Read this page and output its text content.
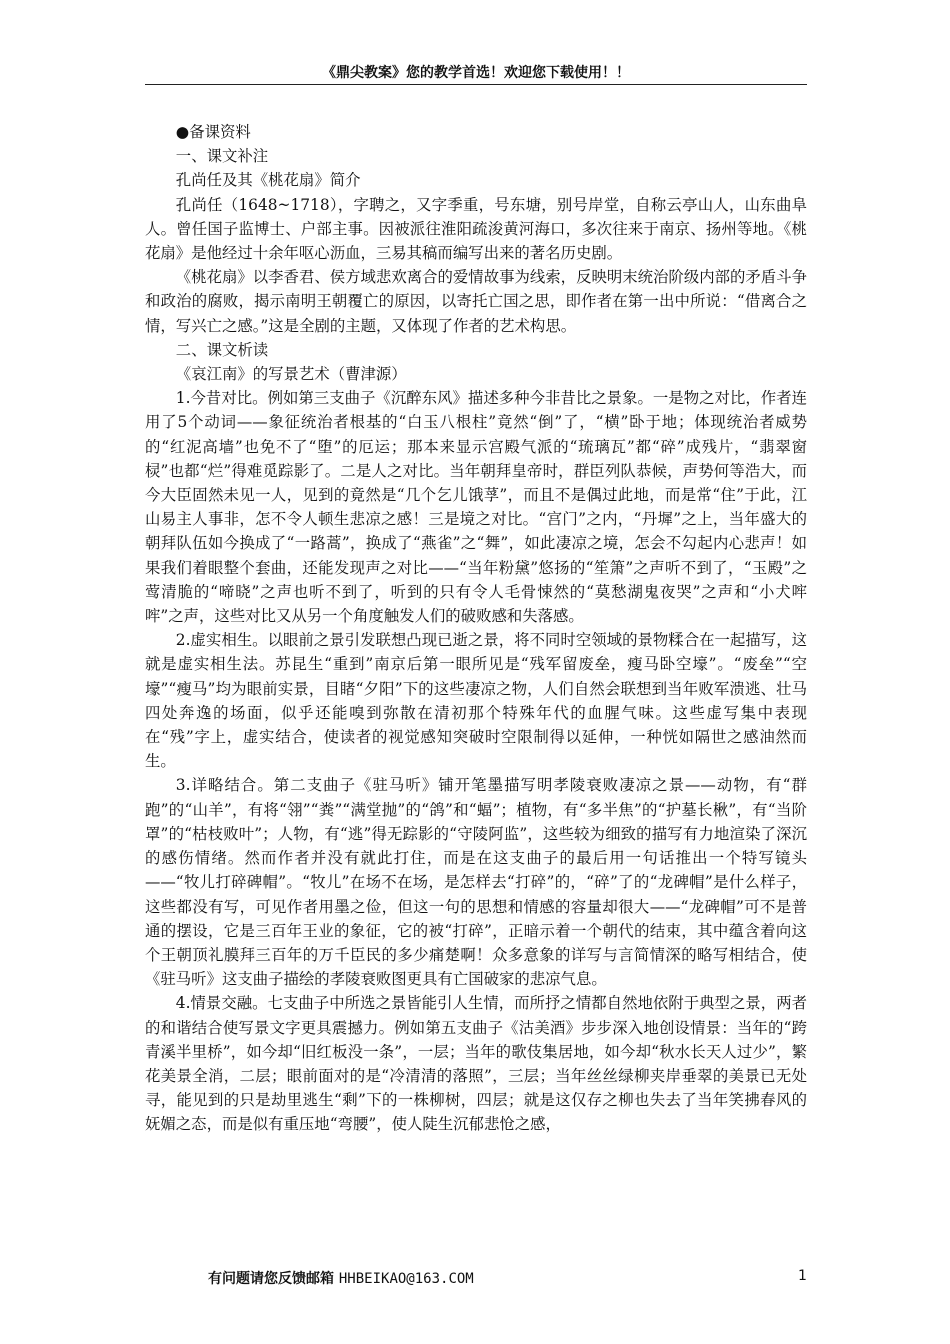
《鼎尖教案》您的教学首选！欢迎您下载使用！！

●备课资料

一、课文补注

孔尚任及其《桃花扇》简介

孔尚任（1648~1718），字聘之，又字季重，号东塘，别号岸堂，自称云亭山人，山东曲阜人。曾任国子监博士、户部主事。因被派往淮阳疏浚黄河海口，多次往来于南京、扬州等地。《桃花扇》是他经过十余年呕心沥血，三易其稿而编写出来的著名历史剧。

《桃花扇》以李香君、侯方域悲欢离合的爱情故事为线索，反映明末统治阶级内部的矛盾斗争和政治的腐败，揭示南明王朝覆亡的原因，以寄托亡国之思，即作者在第一出中所说：“借离合之情，写兴亡之感。”这是全剧的主题，又体现了作者的艺术构思。

二、课文析读

《哀江南》的写景艺术（曹津源）

1.今昔对比。例如第三支曲子《沉醉东风》描述多种今非昔比之景象。一是物之对比，作者连用了5个动词——象征统治者根基的“白玉八根柱”竟然“倒”了，“横”卧于地；体现统治者威势的“红泥高墙”也免不了“堕”的厄运；那本来显示宫殿气派的“琉璃瓦”都“碎”成残片，“翡翠窗棂”也都“烂”得难觅踪影了。二是人之对比。当年朝拜皇帝时，群臣列队恭候，声势何等浩大，而今大臣固然未见一人，见到的竟然是“几个乞儿饿莩”，而且不是偶过此地，而是常“住”于此，江山易主人事非，怎不令人顿生悲凉之感！三是境之对比。“宫门”之内，“丹墀”之上，当年盛大的朝拜队伍如今换成了“一路蒿”，换成了“燕雀”之“舞”，如此凄凉之境，怎会不勾起内心悲声！如果我们着眼整个套曲，还能发现声之对比——“当年粉黛”悠扬的“笙箫”之声听不到了，“玉殿”之莺清脆的“啼晓”之声也听不到了，听到的只有令人毛骨悚然的“莫愁湖鬼夜哭”之声和“小犬哰哰”之声，这些对比又从另一个角度触发人们的破败感和失落感。

2.虚实相生。以眼前之景引发联想凸现已逝之景，将不同时空领域的景物糅合在一起描写，这就是虚实相生法。苏昆生“重到”南京后第一眼所见是“残军留废垒，瘦马卧空壕”。“废垒”“空壕”“瘦马”均为眼前实景，目睹“夕阳”下的这些凄凉之物，人们自然会联想到当年败军溃逃、壮马四处奔逸的场面，似乎还能嗅到弥散在清初那个特殊年代的血腥气味。这些虚写集中表现在“残”字上，虚实结合，使读者的视觉感知突破时空限制得以延伸，一种恍如隔世之感油然而生。

3.详略结合。第二支曲子《驻马听》铺开笔墨描写明孝陵衰败凄凉之景——动物，有“群跑”的“山羊”，有将“翎”“粪”“满堂抛”的“鸽”和“蝠”；植物，有“多半焦”的“护墓长楸”，有“当阶罩”的“枯枝败叶”；人物，有“逃”得无踪影的“守陵阿监”，这些较为细致的描写有力地渲染了深沉的感伤情绪。然而作者并没有就此打住，而是在这支曲子的最后用一句话推出一个特写镜头——“牧儿打碎碑帽”。“牧儿”在场不在场，是怎样去“打碎”的，“碎”了的“龙碑帽”是什么样子，这些都没有写，可见作者用墨之俭，但这一句的思想和情感的容量却很大——“龙碑帽”可不是普通的摆设，它是三百年王业的象征，它的被“打碎”，正暗示着一个朝代的结束，其中蕴含着向这个王朝顶礼膜拜三百年的万千臣民的多少痛楚啊！众多意象的详写与言简情深的略写相结合，使《驻马听》这支曲子描绘的孝陵衰败图更具有亡国破家的悲凉气息。

4.情景交融。七支曲子中所选之景皆能引人生情，而所抒之情都自然地依附于典型之景，两者的和谐结合使写景文字更具震撼力。例如第五支曲子《沽美酒》步步深入地创设情景：当年的“跨青溪半里桥”，如今却“旧红板没一条”，一层；当年的歌伎集居地，如今却“秋水长天人过少”，繁花美景全消，二层；眼前面对的是“冷清清的落照”，三层；当年丝丝绿柳夹岸垂翠的美景已无处寻，能见到的只是劫里逃生“剩”下的一株柳树，四层；就是这仅存之柳也失去了当年笑拂春风的妩媚之态，而是似有重压地“弯腰”，使人陡生沉郁悲怆之感，

有问题请您反馈邮箱 HHBEIKAO@163.COM	1
